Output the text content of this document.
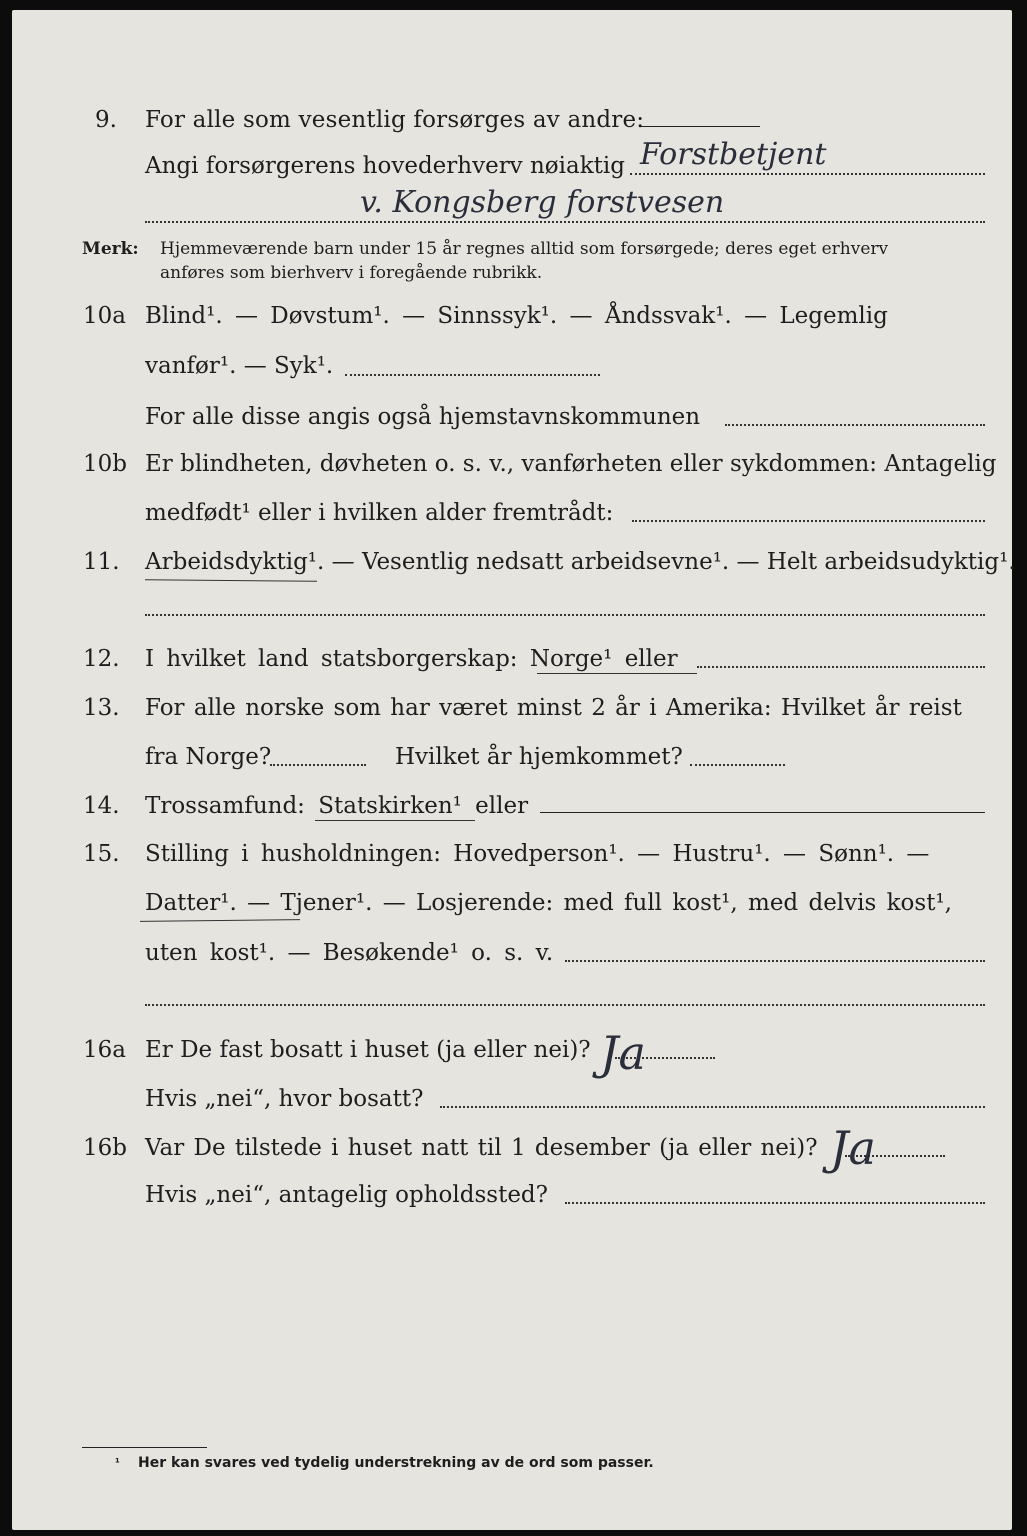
9. For alle som vesentlig forsørges av andre:
Angi forsørgerens hovederhverv nøiaktig Forstbetjent
v. Kongsberg forstvesen
Merk: Hjemmeværende barn under 15 år regnes alltid som forsørgede; deres eget erhverv
anføres som bierhverv i foregående rubrikk.
10a Blind¹. — Døvstum¹. — Sinnssyk¹. — Åndssvak¹. — Legemlig
vanfør¹. — Syk¹.
For alle disse angis også hjemstavnskommunen
10b Er blindheten, døvheten o. s. v., vanførheten eller sykdommen: Antagelig
medfødt¹ eller i hvilken alder fremtrådt:
11. Arbeidsdyktig¹. — Vesentlig nedsatt arbeidsevne¹. — Helt arbeidsudyktig¹.
12. I hvilket land statsborgerskap: Norge¹ eller
13. For alle norske som har været minst 2 år i Amerika: Hvilket år reist
fra Norge?	Hvilket år hjemkommet?
14. Trossamfund: Statskirken¹ eller
15. Stilling i husholdningen: Hovedperson¹. — Hustru¹. — Sønn¹. —
Datter¹. — Tjener¹. — Losjerende: med full kost¹, med delvis kost¹,
uten kost¹. — Besøkende¹ o. s. v.
16a Er De fast bosatt i huset (ja eller nei)? Ja
Hvis „nei“, hvor bosatt?
16b Var De tilstede i huset natt til 1 desember (ja eller nei)? Ja
Hvis „nei“, antagelig opholdssted?
¹ Her kan svares ved tydelig understrekning av de ord som passer.
